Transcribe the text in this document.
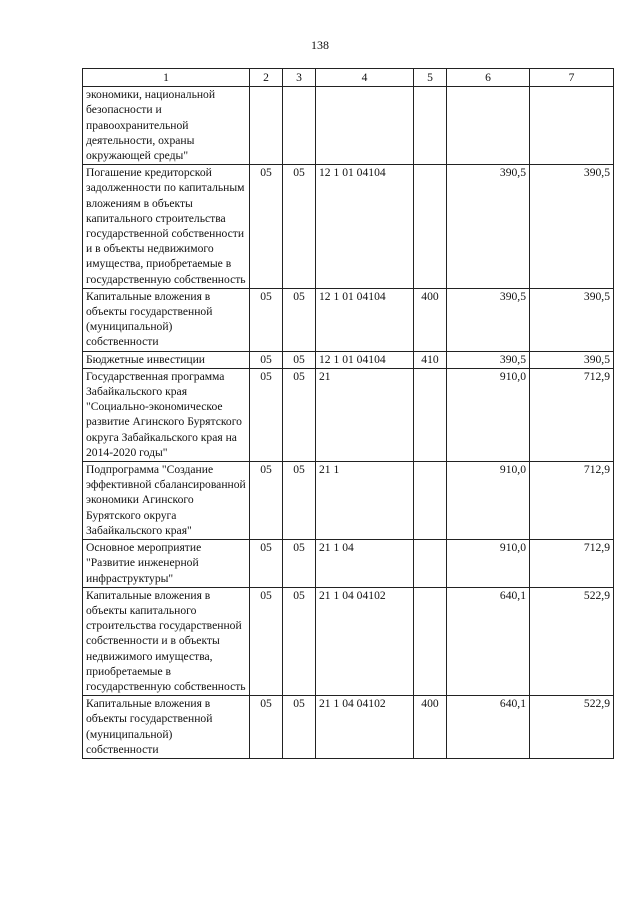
138
1	2	3	4	5	6	7
экономики, национальной безопасности и правоохранительной деятельности, охраны окружающей среды"						
Погашение кредиторской задолженности по капитальным вложениям в объекты капитального строительства государственной собственности и в объекты недвижимого имущества, приобретаемые в государственную собственность	05	05	12 1 01 04104		390,5	390,5
Капитальные вложения в объекты государственной (муниципальной) собственности	05	05	12 1 01 04104	400	390,5	390,5
Бюджетные инвестиции	05	05	12 1 01 04104	410	390,5	390,5
Государственная программа Забайкальского края "Социально-экономическое развитие Агинского Бурятского округа Забайкальского края на 2014-2020 годы"	05	05	21		910,0	712,9
Подпрограмма "Создание эффективной сбалансированной экономики Агинского Бурятского округа Забайкальского края"	05	05	21 1		910,0	712,9
Основное мероприятие "Развитие инженерной инфраструктуры"	05	05	21 1 04		910,0	712,9
Капитальные вложения в объекты капитального строительства государственной собственности и в объекты недвижимого имущества, приобретаемые в государственную собственность	05	05	21 1 04 04102		640,1	522,9
Капитальные вложения в объекты государственной (муниципальной) собственности	05	05	21 1 04 04102	400	640,1	522,9
